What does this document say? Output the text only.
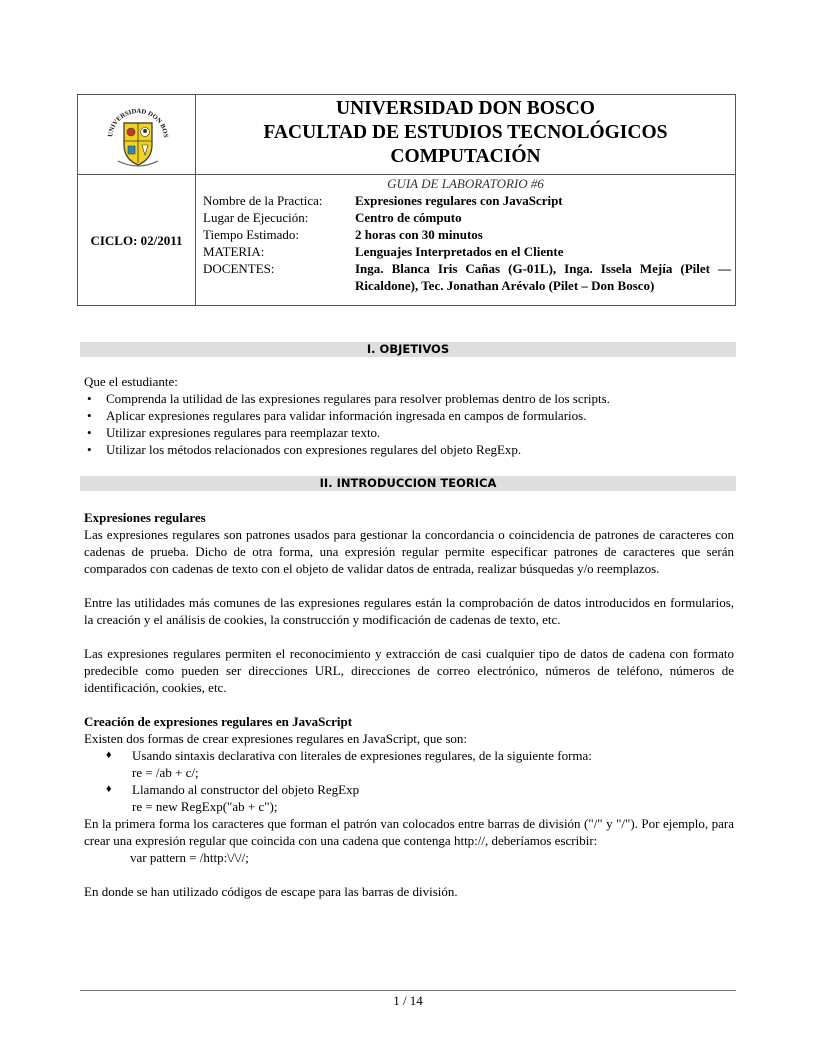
UNIVERSIDAD DON BOS
UNIVERSIDAD DON BOSCO
FACULTAD DE ESTUDIOS TECNOLÓGICOS
COMPUTACIÓN
CICLO: 02/2011
GUIA DE LABORATORIO #6
Nombre de la Practica:	Expresiones regulares con JavaScript
Lugar de Ejecución:	Centro de cómputo
Tiempo Estimado:	2 horas con 30 minutos
MATERIA:	Lenguajes Interpretados en el Cliente
DOCENTES:	Inga. Blanca Iris Cañas (G-01L), Inga. Issela Mejía (Pilet — Ricaldone), Tec. Jonathan Arévalo (Pilet – Don Bosco)
I. OBJETIVOS
Que el estudiante:
• Comprenda la utilidad de las expresiones regulares para resolver problemas dentro de los scripts.
• Aplicar expresiones regulares para validar información ingresada en campos de formularios.
• Utilizar expresiones regulares para reemplazar texto.
• Utilizar los métodos relacionados con expresiones regulares del objeto RegExp.
II. INTRODUCCION TEORICA
Expresiones regulares
Las expresiones regulares son patrones usados para gestionar la concordancia o coincidencia de patrones de caracteres con cadenas de prueba. Dicho de otra forma, una expresión regular permite especificar patrones de caracteres que serán comparados con cadenas de texto con el objeto de validar datos de entrada, realizar búsquedas y/o reemplazos.
Entre las utilidades más comunes de las expresiones regulares están la comprobación de datos introducidos en formularios, la creación y el análisis de cookies, la construcción y modificación de cadenas de texto, etc.
Las expresiones regulares permiten el reconocimiento y extracción de casi cualquier tipo de datos de cadena con formato predecible como pueden ser direcciones URL, direcciones de correo electrónico, números de teléfono, números de identificación, cookies, etc.
Creación de expresiones regulares en JavaScript
Existen dos formas de crear expresiones regulares en JavaScript, que son:
♦ Usando sintaxis declarativa con literales de expresiones regulares, de la siguiente forma:
re = /ab + c/;
♦ Llamando al constructor del objeto RegExp
re = new RegExp("ab + c");
En la primera forma los caracteres que forman el patrón van colocados entre barras de división ("/" y "/"). Por ejemplo, para crear una expresión regular que coincida con una cadena que contenga http://, deberíamos escribir:
var pattern = /http:\/\//;
En donde se han utilizado códigos de escape para las barras de división.
1 / 14
